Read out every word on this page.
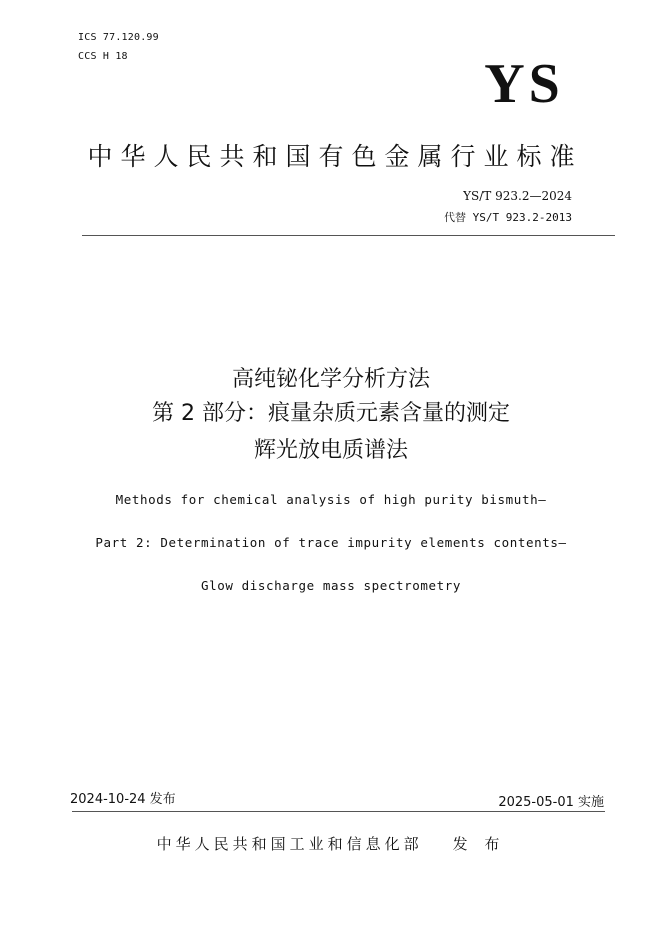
ICS 77.120.99
CCS H 18	YS
中华人民共和国有色金属行业标准
YS/T 923.2—2024
代替 YS/T 923.2-2013
高纯铋化学分析方法
第 2 部分：痕量杂质元素含量的测定
辉光放电质谱法
Methods for chemical analysis of high purity bismuth—
Part 2: Determination of trace impurity elements contents—
Glow discharge mass spectrometry
2024-10-24 发布	2025-05-01 实施
中华人民共和国工业和信息化部 发 布
